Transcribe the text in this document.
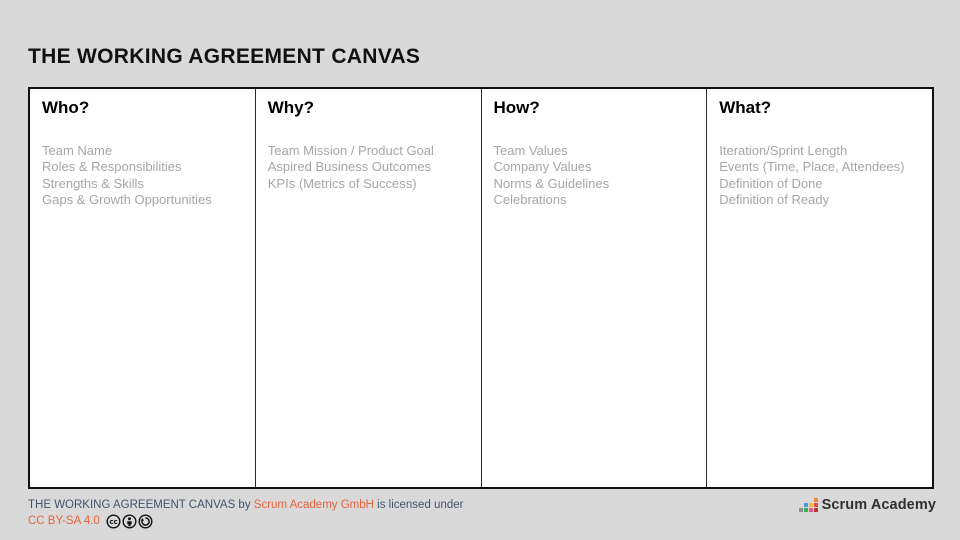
THE WORKING AGREEMENT CANVAS
Who?
Team Name
Roles & Responsibilities
Strengths & Skills
Gaps & Growth Opportunities
Why?
Team Mission / Product Goal
Aspired Business Outcomes
KPIs (Metrics of Success)
How?
Team Values
Company Values
Norms & Guidelines
Celebrations
What?
Iteration/Sprint Length
Events (Time, Place, Attendees)
Definition of Done
Definition of Ready
THE WORKING AGREEMENT CANVAS by Scrum Academy GmbH is licensed under
CC BY-SA 4.0 cc
Scrum Academy
